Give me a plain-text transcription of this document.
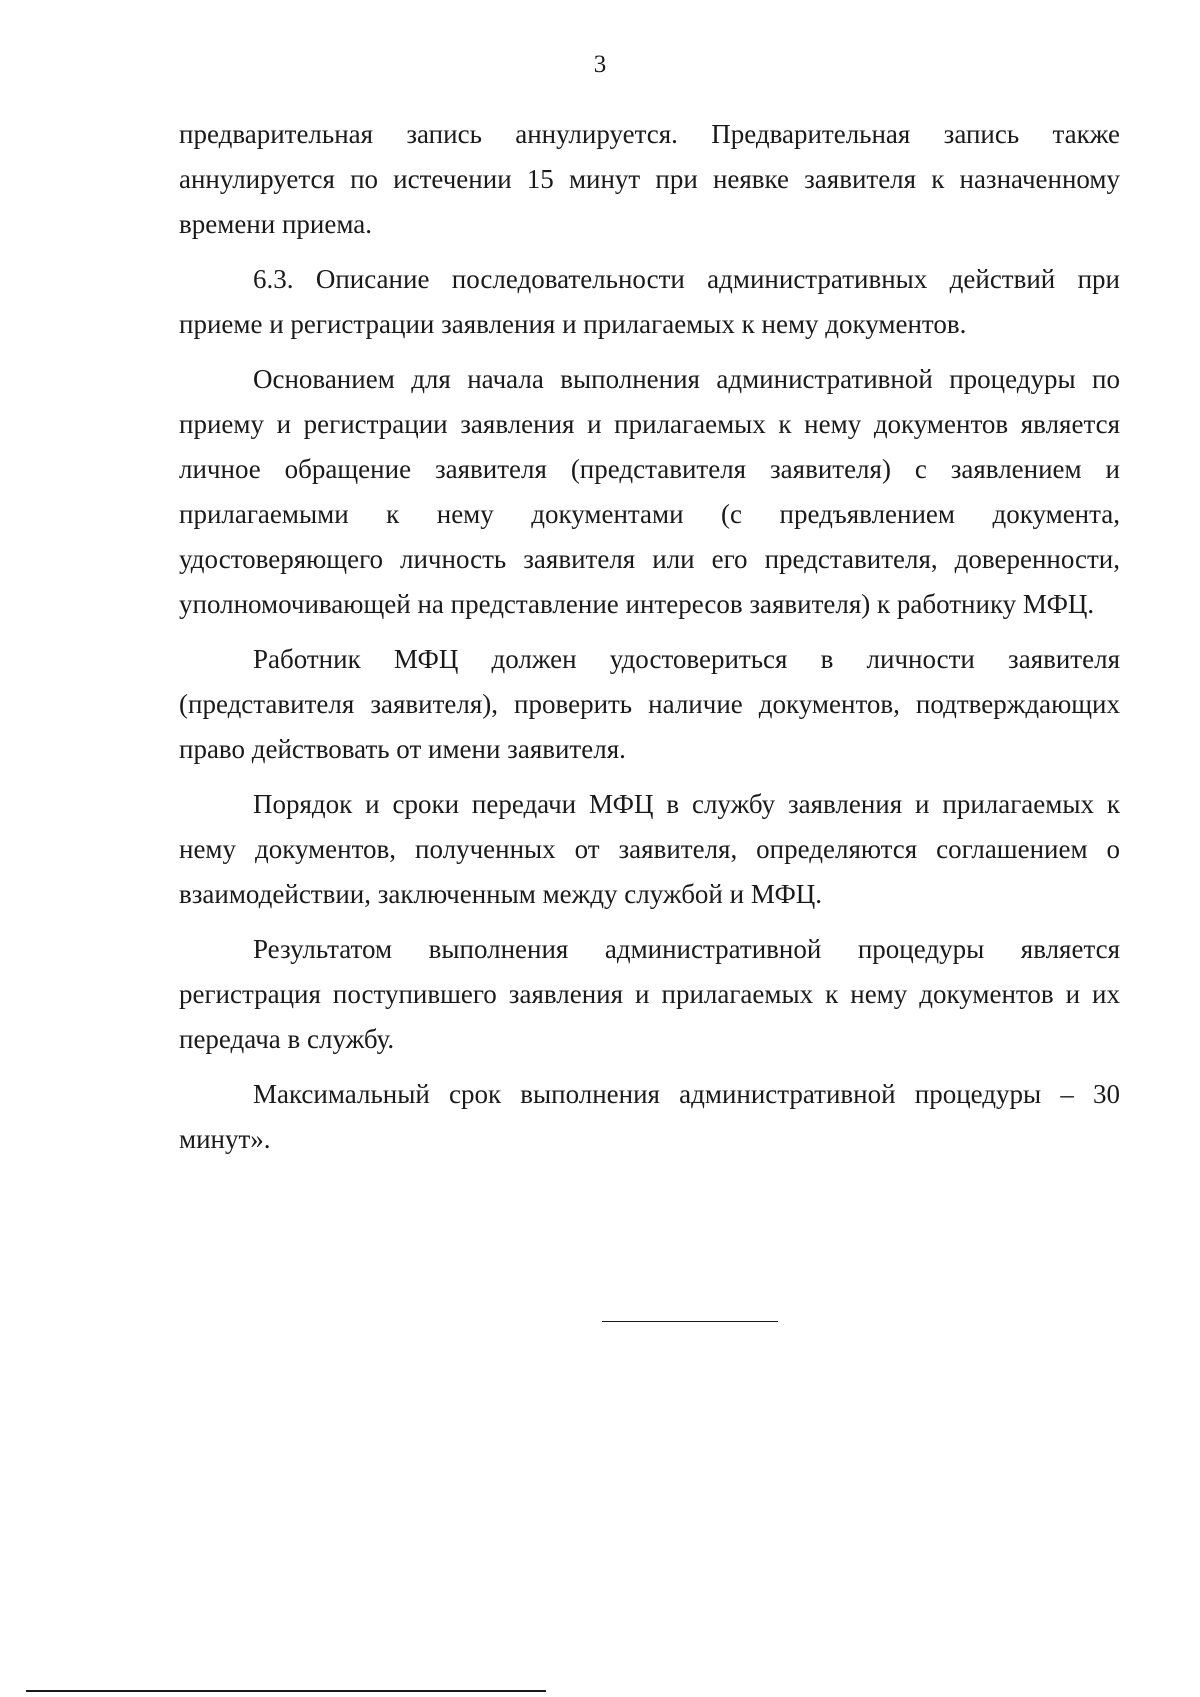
3

предварительная запись аннулируется. Предварительная запись также аннулируется по истечении 15 минут при неявке заявителя к назначенному времени приема.

6.3. Описание последовательности административных действий при приеме и регистрации заявления и прилагаемых к нему документов.

Основанием для начала выполнения административной процедуры по приему и регистрации заявления и прилагаемых к нему документов является личное обращение заявителя (представителя заявителя) с заявлением и прилагаемыми к нему документами (с предъявлением документа, удостоверяющего личность заявителя или его представителя, доверенности, уполномочивающей на представление интересов заявителя) к работнику МФЦ.

Работник МФЦ должен удостовериться в личности заявителя (представителя заявителя), проверить наличие документов, подтверждающих право действовать от имени заявителя.

Порядок и сроки передачи МФЦ в службу заявления и прилагаемых к нему документов, полученных от заявителя, определяются соглашением о взаимодействии, заключенным между службой и МФЦ.

Результатом выполнения административной процедуры является регистрация поступившего заявления и прилагаемых к нему документов и их передача в службу.

Максимальный срок выполнения административной процедуры – 30 минут».
